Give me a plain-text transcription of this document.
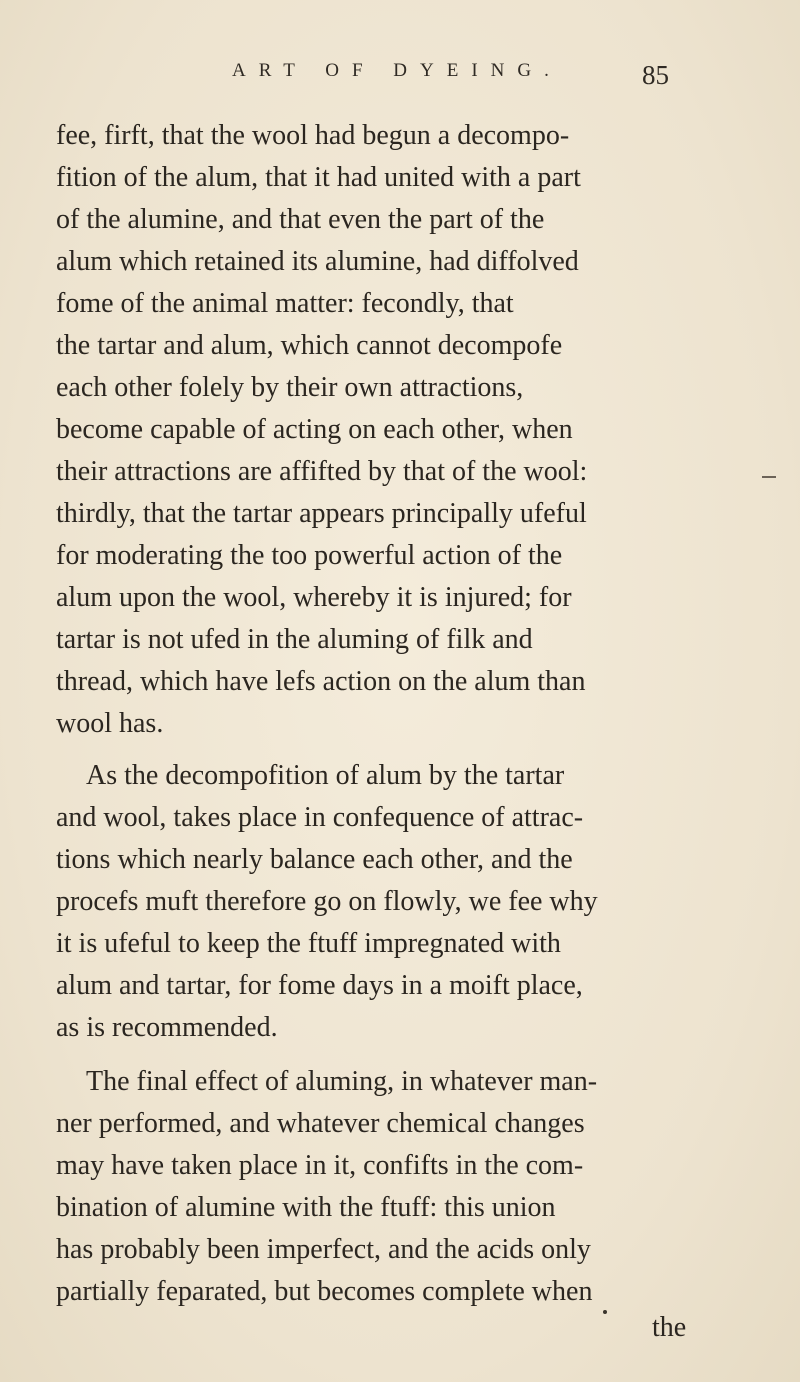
ART OF DYEING.	85
fee, firft, that the wool had begun a decompo-
fition of the alum, that it had united with a part
of the alumine, and that even the part of the
alum which retained its alumine, had diffolved
fome of the animal matter: fecondly, that
the tartar and alum, which cannot decompofe
each other folely by their own attractions,
become capable of acting on each other, when
their attractions are affifted by that of the wool:
thirdly, that the tartar appears principally ufeful
for moderating the too powerful action of the
alum upon the wool, whereby it is injured; for
tartar is not ufed in the aluming of filk and
thread, which have lefs action on the alum than
wool has.
As the decompofition of alum by the tartar
and wool, takes place in confequence of attrac-
tions which nearly balance each other, and the
procefs muft therefore go on flowly, we fee why
it is ufeful to keep the ftuff impregnated with
alum and tartar, for fome days in a moift place,
as is recommended.
The final effect of aluming, in whatever man-
ner performed, and whatever chemical changes
may have taken place in it, confifts in the com-
bination of alumine with the ftuff: this union
has probably been imperfect, and the acids only
partially feparated, but becomes complete when
the
